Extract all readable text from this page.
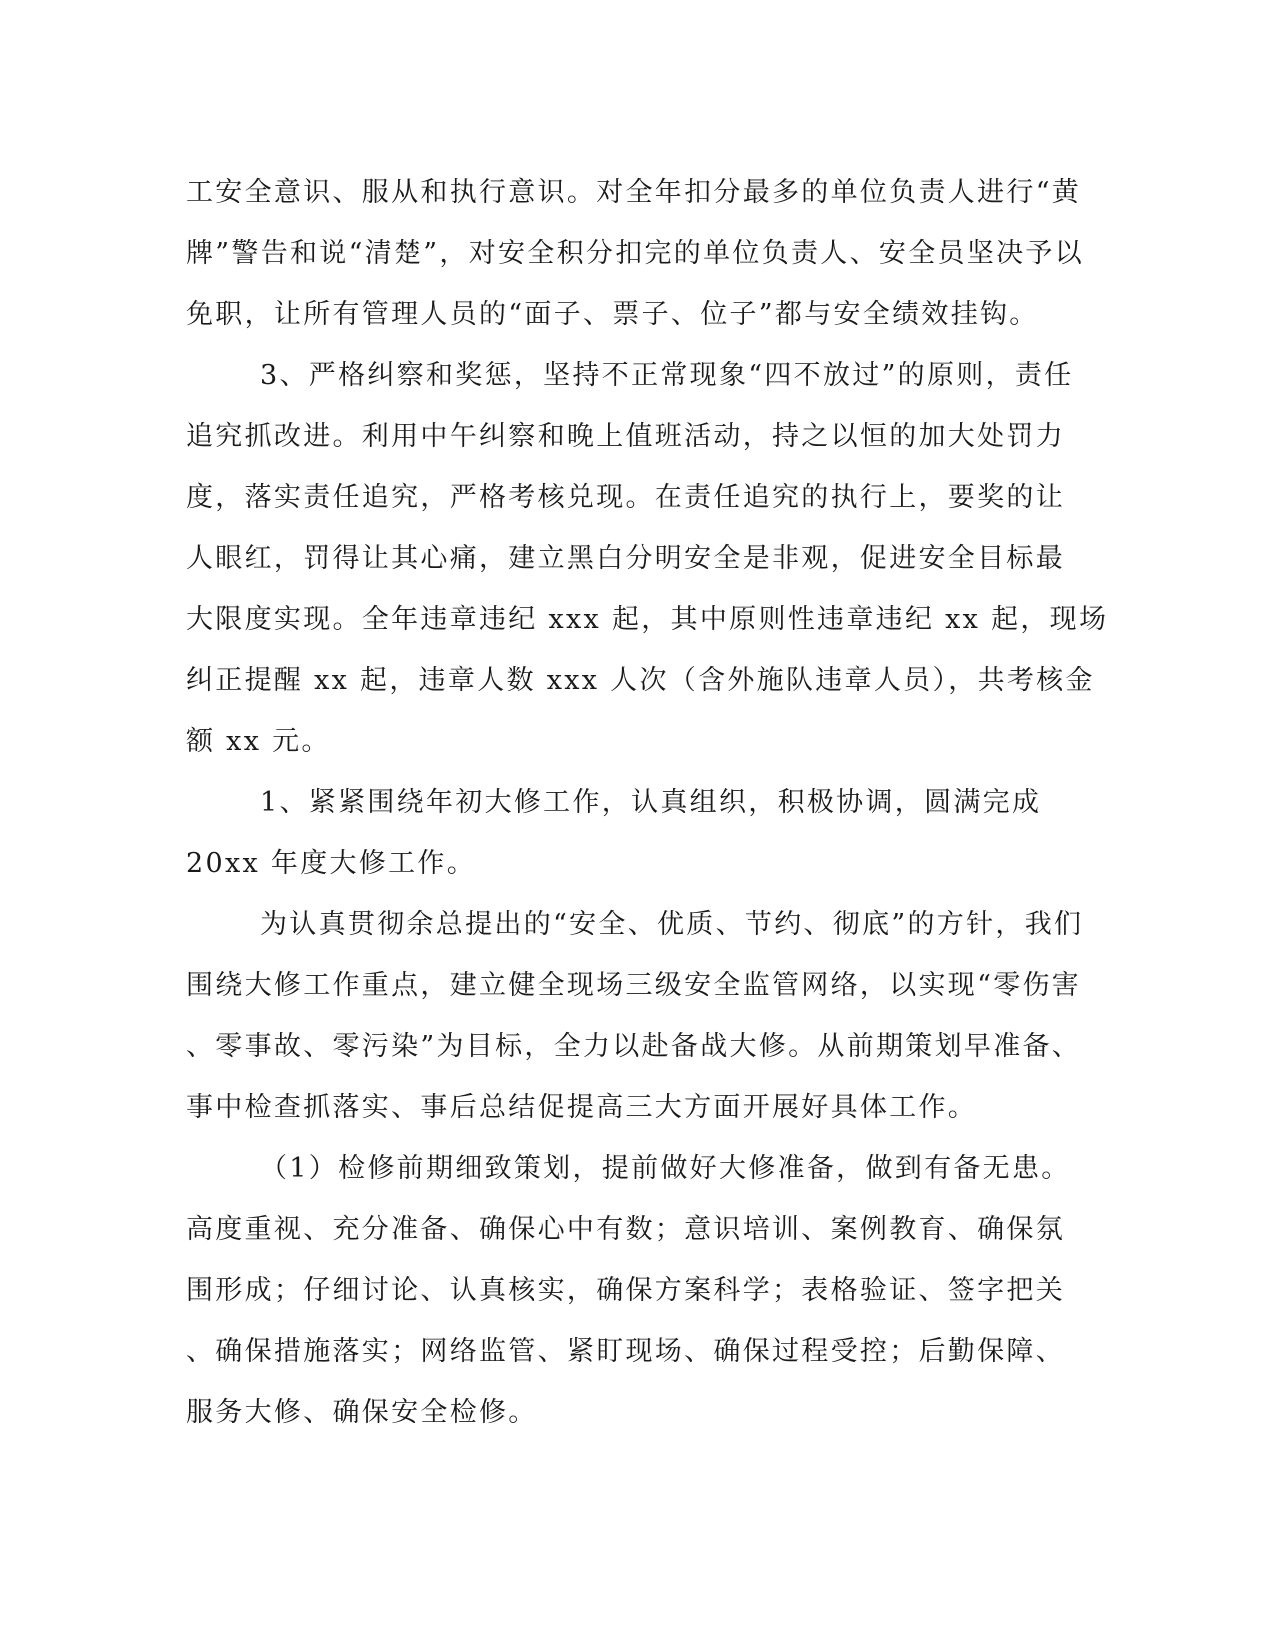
工安全意识、服从和执行意识。对全年扣分最多的单位负责人进行“黄
牌”警告和说“清楚”，对安全积分扣完的单位负责人、安全员坚决予以
免职，让所有管理人员的“面子、票子、位子”都与安全绩效挂钩。
3、严格纠察和奖惩，坚持不正常现象“四不放过”的原则，责任
追究抓改进。利用中午纠察和晚上值班活动，持之以恒的加大处罚力
度，落实责任追究，严格考核兑现。在责任追究的执行上，要奖的让
人眼红，罚得让其心痛，建立黑白分明安全是非观，促进安全目标最
大限度实现。全年违章违纪 xxx 起，其中原则性违章违纪 xx 起，现场
纠正提醒 xx 起，违章人数 xxx 人次（含外施队违章人员），共考核金
额 xx 元。
1、紧紧围绕年初大修工作，认真组织，积极协调，圆满完成
20xx 年度大修工作。
为认真贯彻余总提出的“安全、优质、节约、彻底”的方针，我们
围绕大修工作重点，建立健全现场三级安全监管网络，以实现“零伤害
、零事故、零污染”为目标，全力以赴备战大修。从前期策划早准备、
事中检查抓落实、事后总结促提高三大方面开展好具体工作。
（1）检修前期细致策划，提前做好大修准备，做到有备无患。
高度重视、充分准备、确保心中有数；意识培训、案例教育、确保氛
围形成；仔细讨论、认真核实，确保方案科学；表格验证、签字把关
、确保措施落实；网络监管、紧盯现场、确保过程受控；后勤保障、
服务大修、确保安全检修。
